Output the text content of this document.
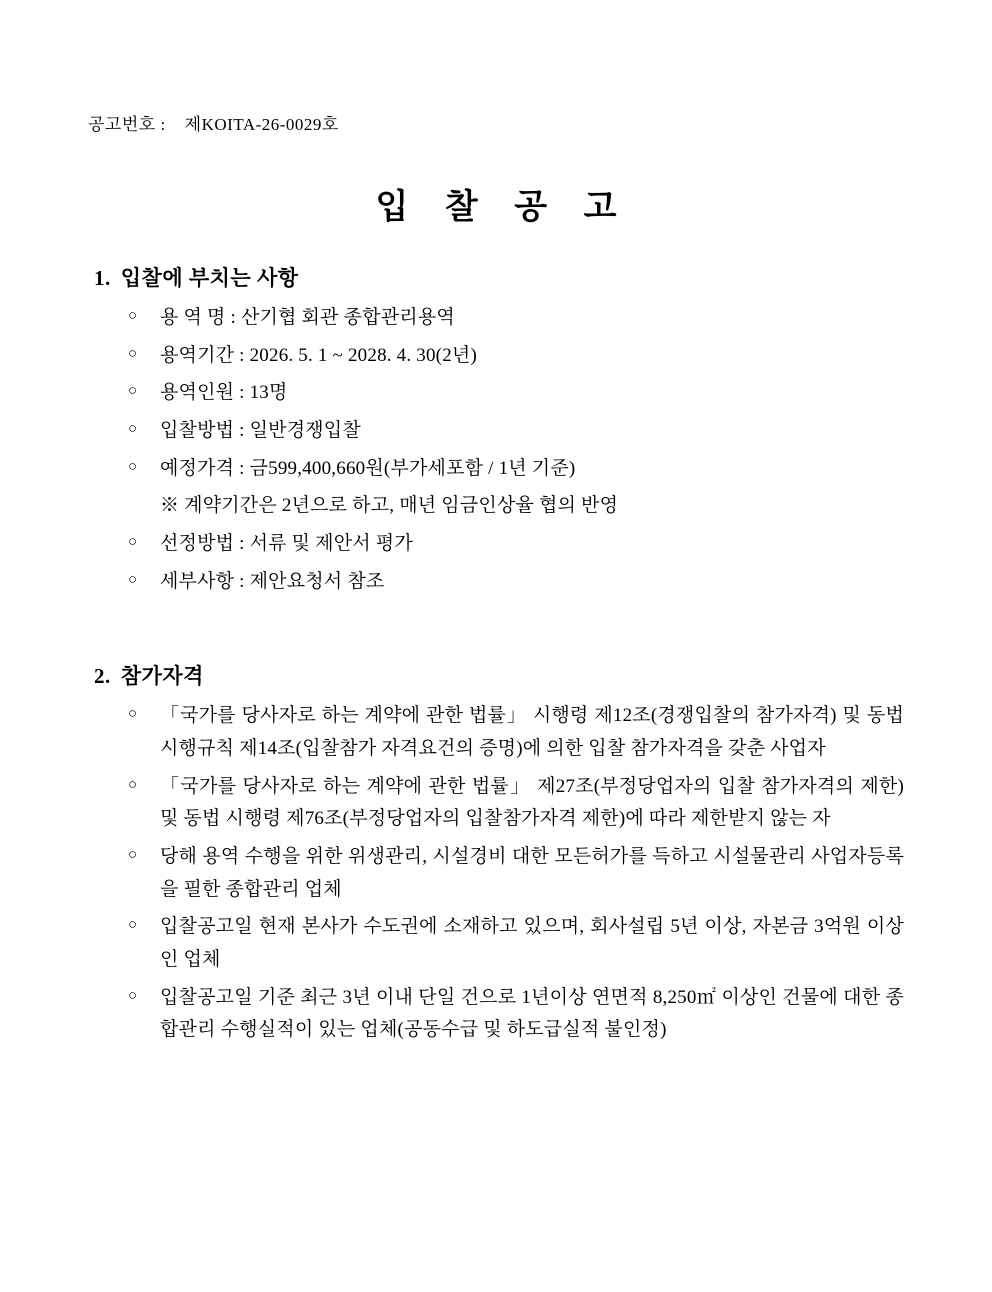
공고번호 : 제KOITA-26-0029호
입 찰 공 고
1. 입찰에 부치는 사항
○ 용 역 명 : 산기협 회관 종합관리용역
○ 용역기간 : 2026. 5. 1 ~ 2028. 4. 30(2년)
○ 용역인원 : 13명
○ 입찰방법 : 일반경쟁입찰
○ 예정가격 : 금599,400,660원(부가세포함 / 1년 기준)
※ 계약기간은 2년으로 하고, 매년 임금인상율 협의 반영
○ 선정방법 : 서류 및 제안서 평가
○ 세부사항 : 제안요청서 참조
2. 참가자격
○ 「국가를 당사자로 하는 계약에 관한 법률」 시행령 제12조(경쟁입찰의 참가자격) 및 동법 시행규칙 제14조(입찰참가 자격요건의 증명)에 의한 입찰 참가자격을 갖춘 사업자
○ 「국가를 당사자로 하는 계약에 관한 법률」 제27조(부정당업자의 입찰 참가자격의 제한) 및 동법 시행령 제76조(부정당업자의 입찰참가자격 제한)에 따라 제한받지 않는 자
○ 당해 용역 수행을 위한 위생관리, 시설경비 대한 모든허가를 득하고 시설물관리 사업자등록을 필한 종합관리 업체
○ 입찰공고일 현재 본사가 수도권에 소재하고 있으며, 회사설립 5년 이상, 자본금 3억원 이상인 업체
○ 입찰공고일 기준 최근 3년 이내 단일 건으로 1년이상 연면적 8,250㎡ 이상인 건물에 대한 종합관리 수행실적이 있는 업체(공동수급 및 하도급실적 불인정)
